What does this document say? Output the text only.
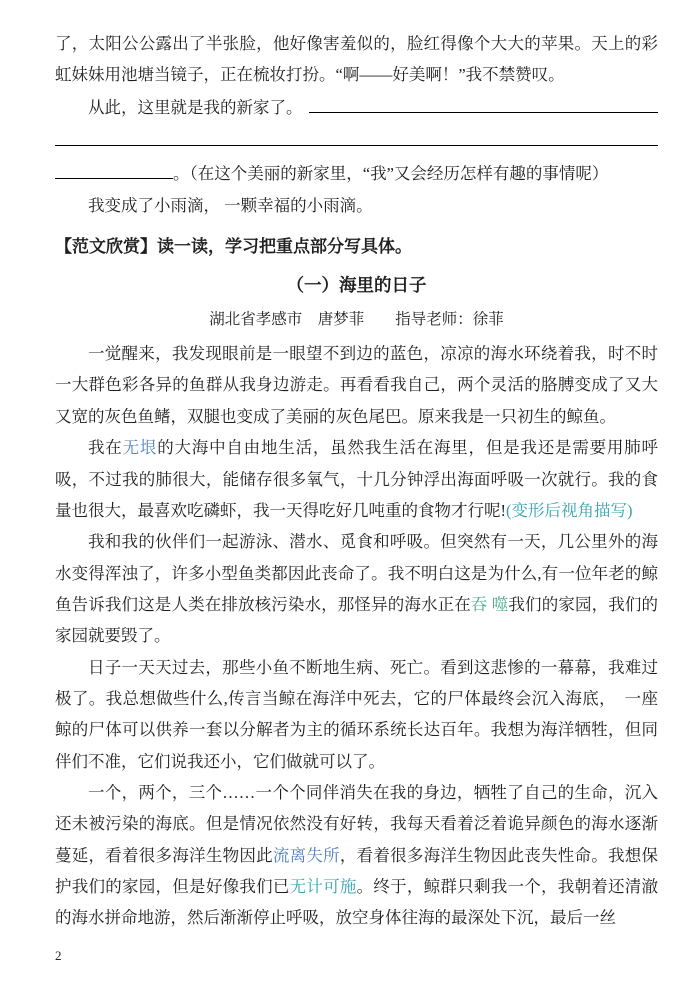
了，太阳公公露出了半张脸，他好像害羞似的，脸红得像个大大的苹果。天上的彩虹妹妹用池塘当镜子，正在梳妆打扮。“啊——好美啊！”我不禁赞叹。

从此，这里就是我的新家了。

。（在这个美丽的新家里，“我”又会经历怎样有趣的事情呢）

我变成了小雨滴， 一颗幸福的小雨滴。

【范文欣赏】读一读，学习把重点部分写具体。
（一）海里的日子

湖北省孝感市　唐梦菲　　指导老师：徐菲

一觉醒来，我发现眼前是一眼望不到边的蓝色，凉凉的海水环绕着我，时不时一大群色彩各异的鱼群从我身边游走。再看看我自己，两个灵活的胳膊变成了又大又宽的灰色鱼鳍，双腿也变成了美丽的灰色尾巴。原来我是一只初生的鲸鱼。

我在无垠的大海中自由地生活，虽然我生活在海里，但是我还是需要用肺呼吸，不过我的肺很大，能储存很多氧气，十几分钟浮出海面呼吸一次就行。我的食量也很大，最喜欢吃磷虾，我一天得吃好几吨重的食物才行呢!(变形后视角描写)

我和我的伙伴们一起游泳、潜水、觅食和呼吸。但突然有一天，几公里外的海水变得浑浊了，许多小型鱼类都因此丧命了。我不明白这是为什么,有一位年老的鲸鱼告诉我们这是人类在排放核污染水，那怪异的海水正在吞 噬我们的家园，我们的家园就要毁了。

日子一天天过去，那些小鱼不断地生病、死亡。看到这悲惨的一幕幕，我难过极了。我总想做些什么,传言当鲸在海洋中死去，它的尸体最终会沉入海底，　一座鲸的尸体可以供养一套以分解者为主的循环系统长达百年。我想为海洋牺牲，但同伴们不准，它们说我还小，它们做就可以了。

一个，两个，三个……一个个同伴消失在我的身边，牺牲了自己的生命，沉入还未被污染的海底。但是情况依然没有好转，我每天看着泛着诡异颜色的海水逐渐蔓延，看着很多海洋生物因此流离失所，看着很多海洋生物因此丧失性命。我想保护我们的家园，但是好像我们已无计可施。终于，鲸群只剩我一个，我朝着还清澈的海水拼命地游，然后渐渐停止呼吸，放空身体往海的最深处下沉，最后一丝

2
